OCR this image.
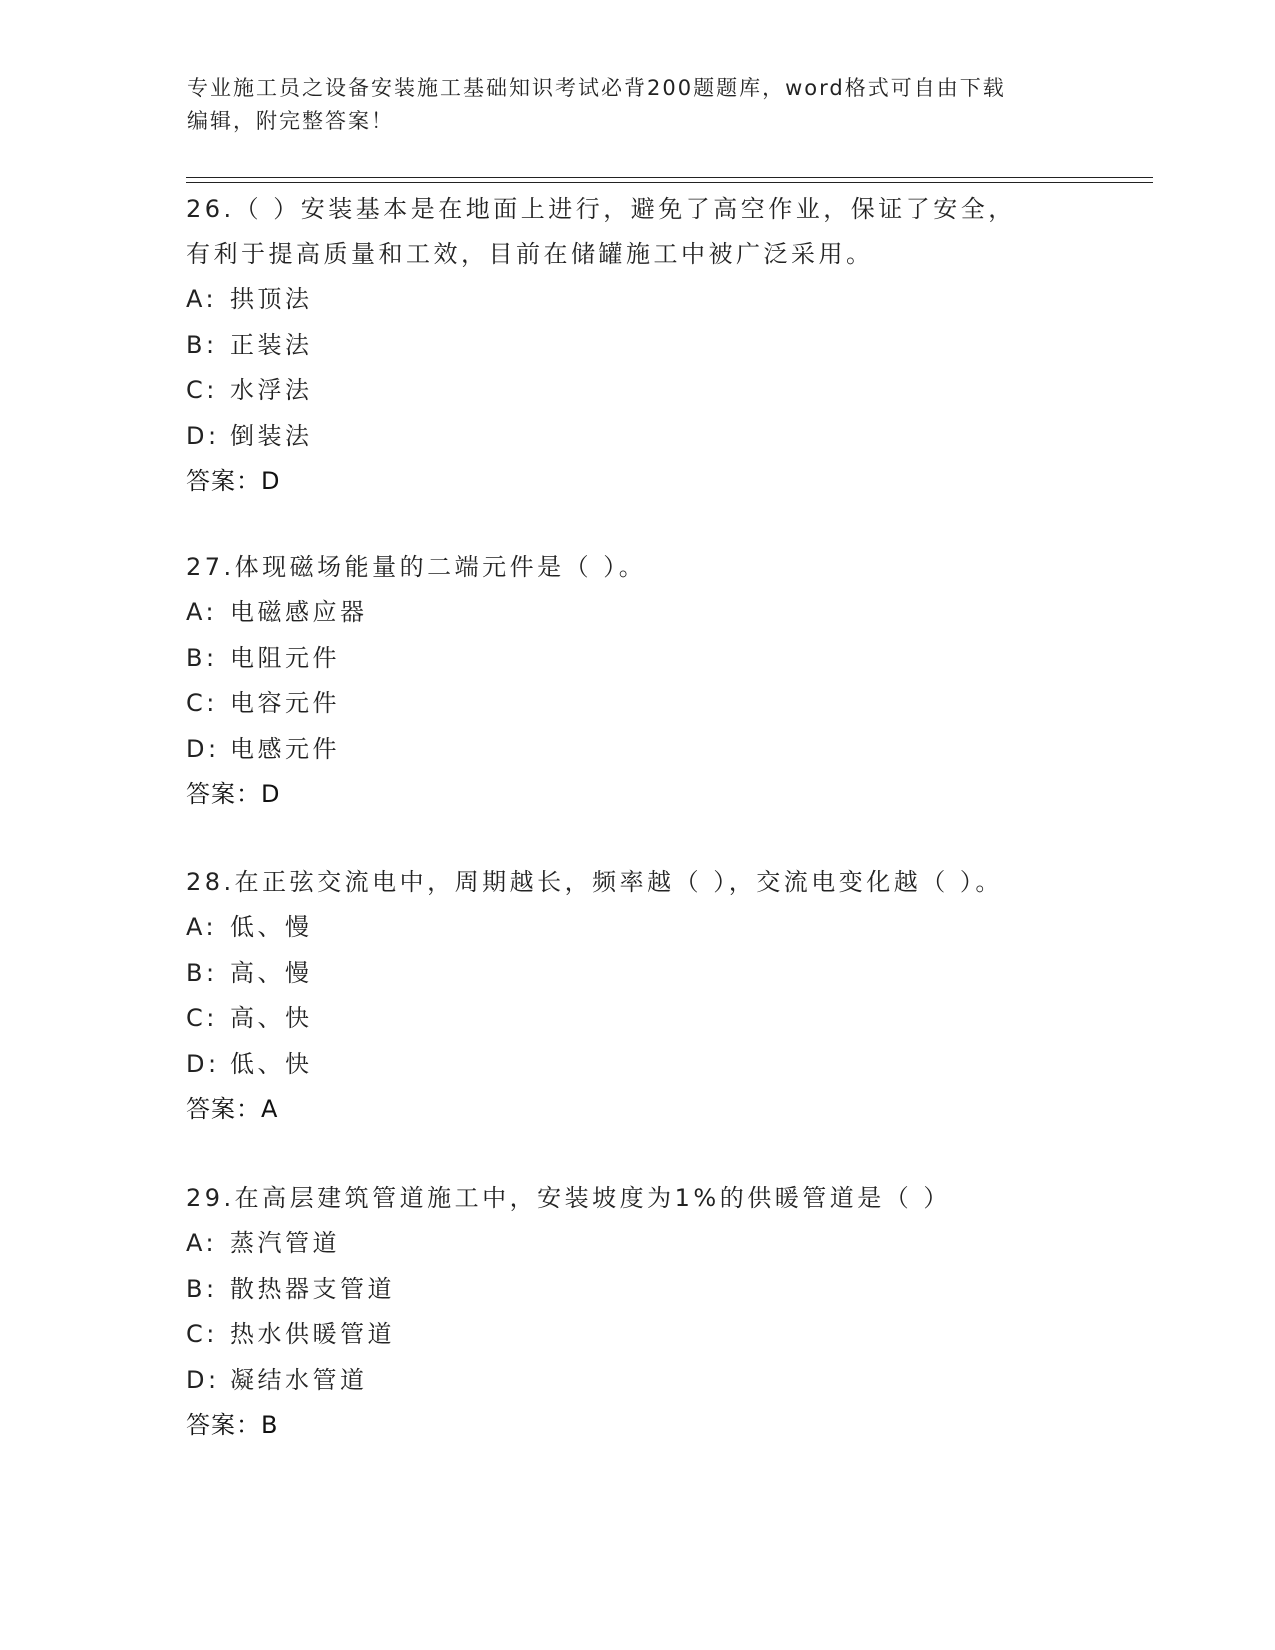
专业施工员之设备安装施工基础知识考试必背200题题库，word格式可自由下载
编辑，附完整答案！
26.（ ）安装基本是在地面上进行，避免了高空作业，保证了安全，
有利于提高质量和工效，目前在储罐施工中被广泛采用。
A: 拱顶法
B: 正装法
C: 水浮法
D: 倒装法
答案：D
27.体现磁场能量的二端元件是（ ）。
A: 电磁感应器
B: 电阻元件
C: 电容元件
D: 电感元件
答案：D
28.在正弦交流电中，周期越长，频率越（ ），交流电变化越（ ）。
A: 低、慢
B: 高、慢
C: 高、快
D: 低、快
答案：A
29.在高层建筑管道施工中，安装坡度为1%的供暖管道是（ ）
A: 蒸汽管道
B: 散热器支管道
C: 热水供暖管道
D: 凝结水管道
答案：B
